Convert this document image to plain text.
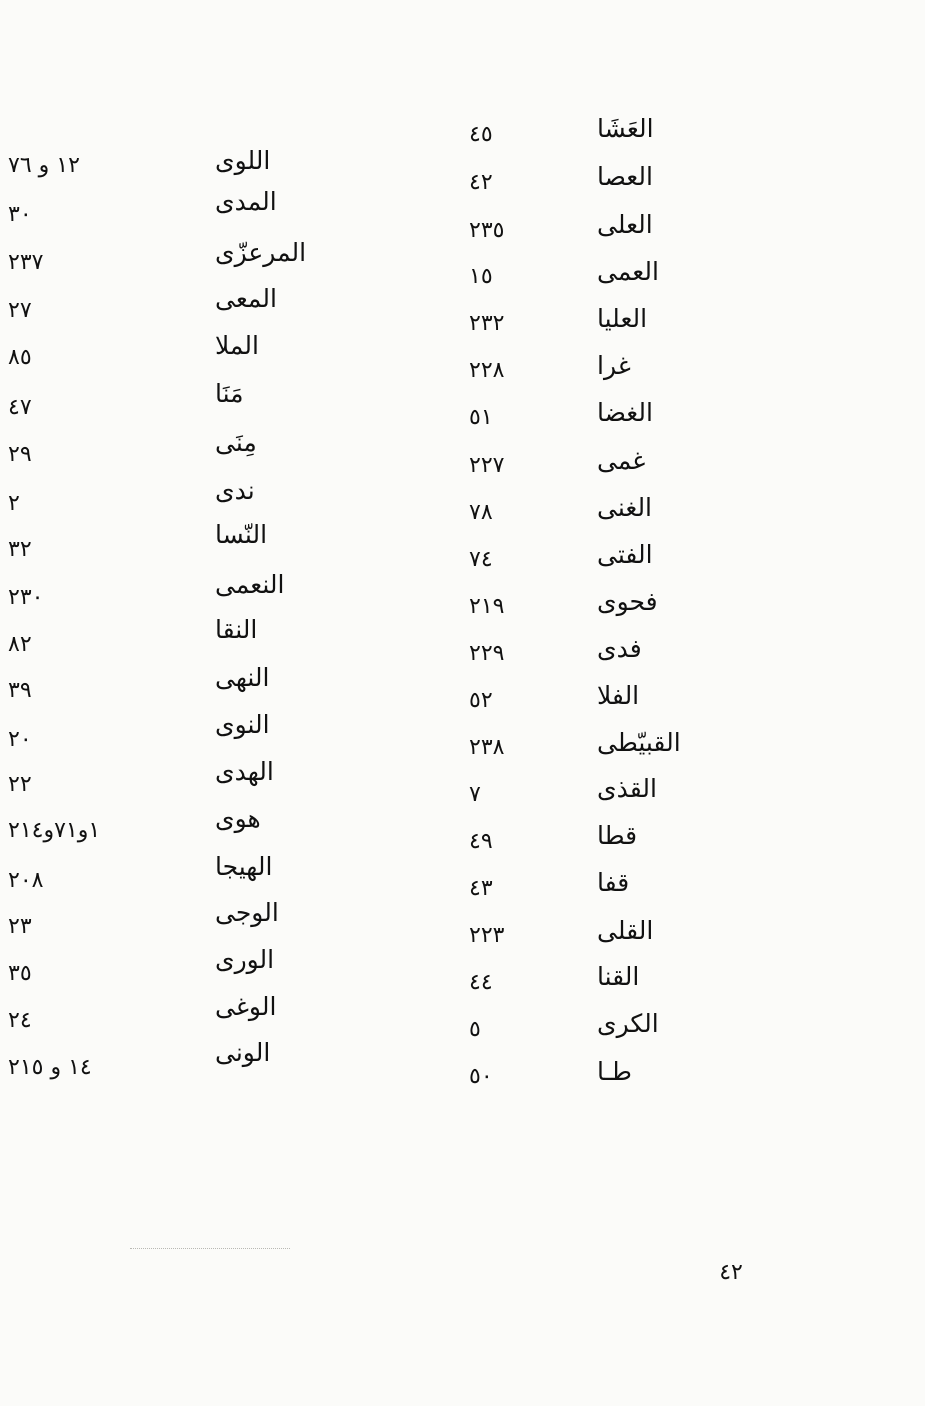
العَشَا
العصا
العلى
العمى
العليا
غرا
الغضا
غمى
الغنى
الفتى
فحوى
فدى
الفلا
القبيّطى
القذى
قطا
قفا
القلى
القنا
الكرى
طـا
٤٥
٤٢
٢٣٥
١٥
٢٣٢
٢٢٨
٥١
٢٢٧
٧٨
٧٤
٢١٩
٢٢٩
٥٢
٢٣٨
٧
٤٩
٤٣
٢٢٣
٤٤
٥
٥٠
اللوى
المدى
المرعزّى
المعى
الملا
مَنَا
مِنَى
ندى
النّسا
النعمى
النقا
النهى
النوى
الهدى
هوى
الهيجا
الوجى
الورى
الوغى
الونى
١٢ و ٧٦
٣٠
٢٣٧
٢٧
٨٥
٤٧
٢٩
٢
٣٢
٢٣٠
٨٢
٣٩
٢٠
٢٢
١و٧١و٢١٤
٢٠٨
٢٣
٣٥
٢٤
١٤ و ٢١٥
٤٢
